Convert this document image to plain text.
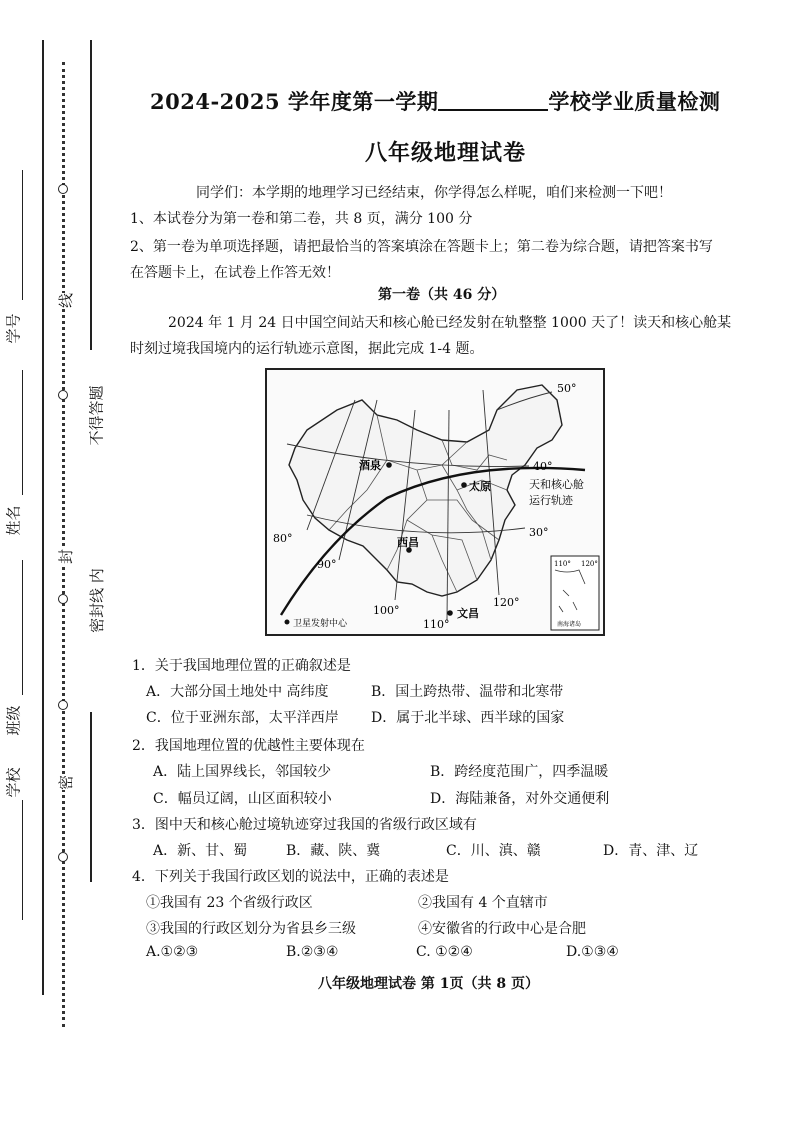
学号
姓名
班级
学校
线
封
密
不得答题
密封线 内
2024-2025 学年度第一学期	学校学业质量检测
八年级地理试卷
同学们：本学期的地理学习已经结束，你学得怎么样呢，咱们来检测一下吧！
1、本试卷分为第一卷和第二卷，共 8 页，满分 100 分
2、第一卷为单项选择题，请把最恰当的答案填涂在答题卡上；第二卷为综合题，请把答案书写
在答题卡上，在试卷上作答无效！
第一卷（共 46 分）
2024 年 1 月 24 日中国空间站天和核心舱已经发射在轨整整 1000 天了！读天和核心舱某
时刻过境我国境内的运行轨迹示意图，据此完成 1-4 题。
50°
40°
30°
80°
90°
100°
110°
120°
酒泉
太原
西昌
文昌
天和核心舱
运行轨迹
卫星发射中心
110° 120°
南海诸岛
1．关于我国地理位置的正确叙述是
A．大部分国土地处中 高纬度	B．国土跨热带、温带和北寒带
C．位于亚洲东部，太平洋西岸 D．属于北半球、西半球的国家
2．我国地理位置的优越性主要体现在
A．陆上国界线长，邻国较少	B．跨经度范围广，四季温暖
C．幅员辽阔，山区面积较小	D．海陆兼备，对外交通便利
3．图中天和核心舱过境轨迹穿过我国的省级行政区域有
A．新、甘、蜀	B．藏、陕、冀	C．川、滇、赣	D．青、津、辽
4．下列关于我国行政区划的说法中，正确的表述是
①我国有 23 个省级行政区	②我国有 4 个直辖市
③我国的行政区划分为省县乡三级	④安徽省的行政中心是合肥
A.①②③	B.②③④	C. ①②④	D.①③④
八年级地理试卷 第 1页（共 8 页）
